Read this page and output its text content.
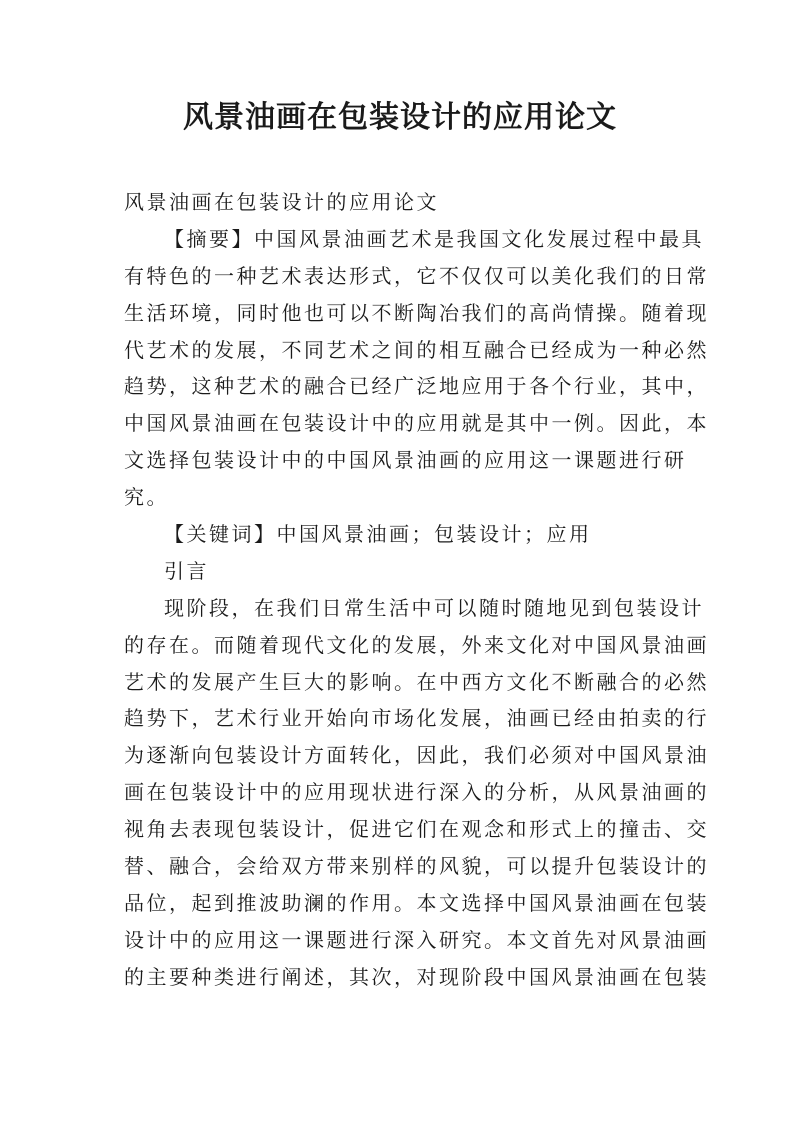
风景油画在包装设计的应用论文
风景油画在包装设计的应用论文
【摘要】中国风景油画艺术是我国文化发展过程中最具
有特色的一种艺术表达形式，它不仅仅可以美化我们的日常
生活环境，同时他也可以不断陶冶我们的高尚情操。随着现
代艺术的发展，不同艺术之间的相互融合已经成为一种必然
趋势，这种艺术的融合已经广泛地应用于各个行业，其中，
中国风景油画在包装设计中的应用就是其中一例。因此，本
文选择包装设计中的中国风景油画的应用这一课题进行研
究。
【关键词】中国风景油画；包装设计；应用
引言
现阶段，在我们日常生活中可以随时随地见到包装设计
的存在。而随着现代文化的发展，外来文化对中国风景油画
艺术的发展产生巨大的影响。在中西方文化不断融合的必然
趋势下，艺术行业开始向市场化发展，油画已经由拍卖的行
为逐渐向包装设计方面转化，因此，我们必须对中国风景油
画在包装设计中的应用现状进行深入的分析，从风景油画的
视角去表现包装设计，促进它们在观念和形式上的撞击、交
替、融合，会给双方带来别样的风貌，可以提升包装设计的
品位，起到推波助澜的作用。本文选择中国风景油画在包装
设计中的应用这一课题进行深入研究。本文首先对风景油画
的主要种类进行阐述，其次，对现阶段中国风景油画在包装
